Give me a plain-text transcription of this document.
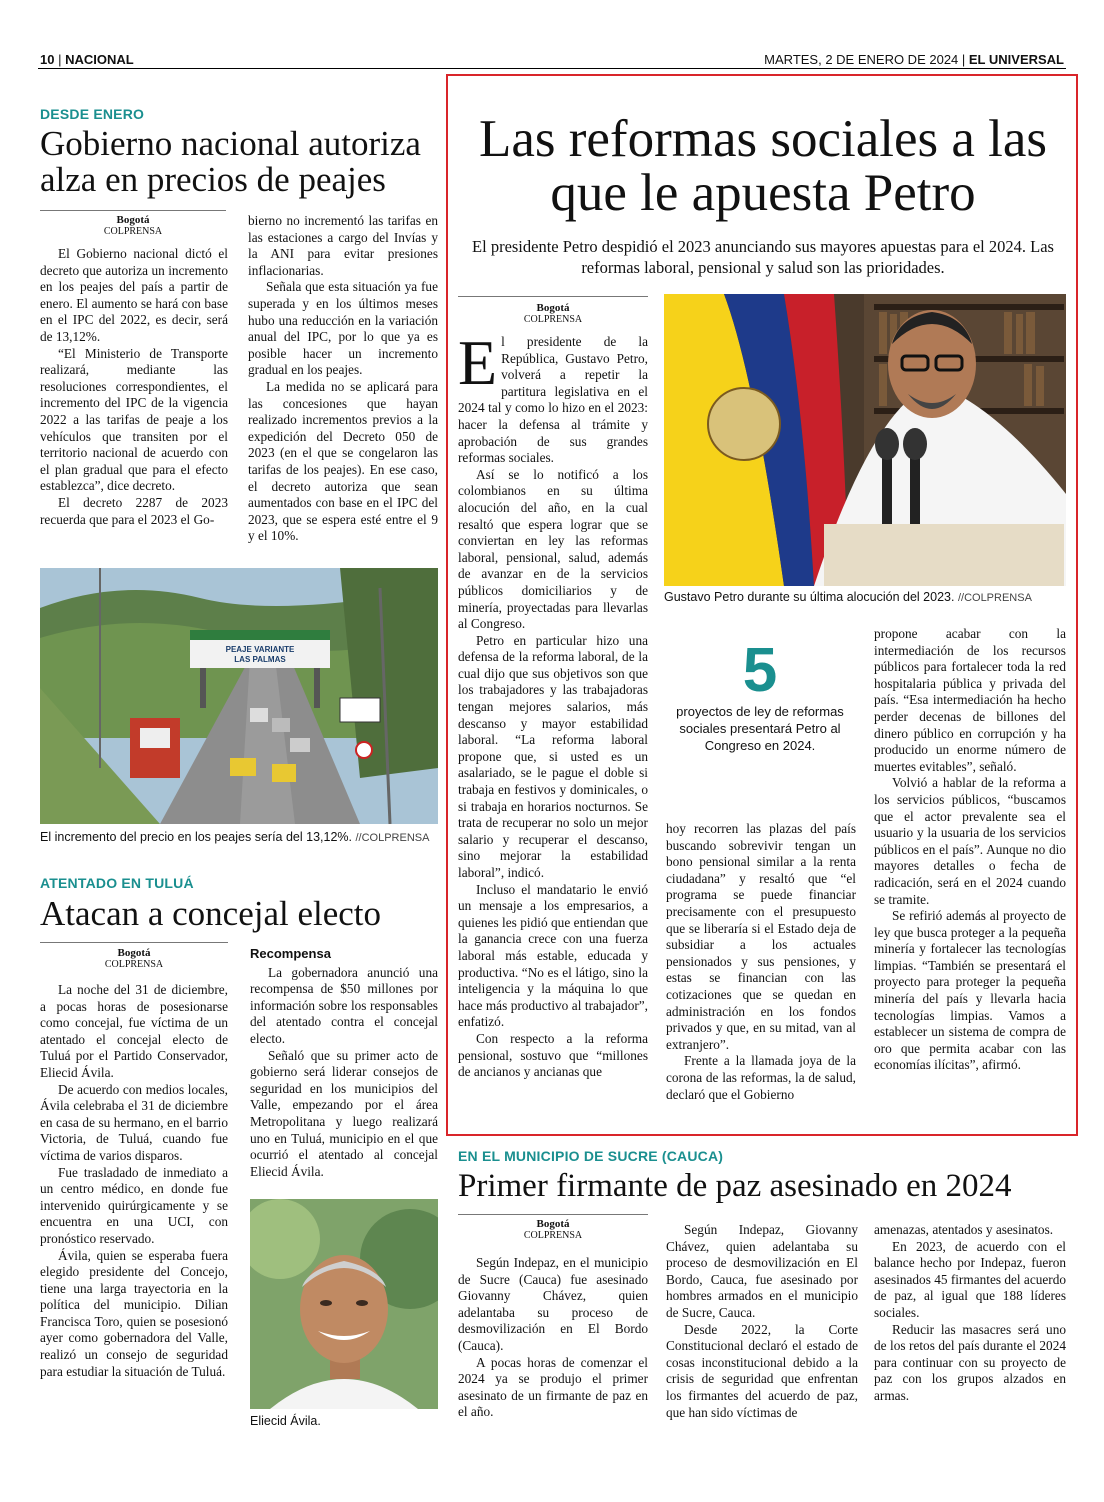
10 | NACIONAL	MARTES, 2 DE ENERO DE 2024 | EL UNIVERSAL
DESDE ENERO
Gobierno nacional autoriza alza en precios de peajes
Bogotá
COLPRENSA

El Gobierno nacional dictó el decreto que autoriza un incremento en los peajes del país a partir de enero. El aumento se hará con base en el IPC del 2022, es decir, será de 13,12%.

“El Ministerio de Transporte realizará, mediante las resoluciones correspondientes, el incremento del IPC de la vigencia 2022 a las tarifas de peaje a los vehículos que transiten por el territorio nacional de acuerdo con el plan gradual que para el efecto establezca”, dice decreto.

El decreto 2287 de 2023 recuerda que para el 2023 el Go-

bierno no incrementó las tarifas en las estaciones a cargo del Invías y la ANI para evitar presiones inflacionarias.

Señala que esta situación ya fue superada y en los últimos meses hubo una reducción en la variación anual del IPC, por lo que ya es posible hacer un incremento gradual en los peajes.

La medida no se aplicará para las concesiones que hayan realizado incrementos previos a la expedición del Decreto 050 de 2023 (en el que se congelaron las tarifas de los peajes). En ese caso, el decreto autoriza que sean aumentados con base en el IPC del 2023, que se espera esté entre el 9 y el 10%.

PEAJE VARIANTE
LAS PALMAS
El incremento del precio en los peajes sería del 13,12%. //COLPRENSA
ATENTADO EN TULUÁ
Atacan a concejal electo
Bogotá
COLPRENSA

La noche del 31 de diciembre, a pocas horas de posesionarse como concejal, fue víctima de un atentado el concejal electo de Tuluá por el Partido Conservador, Eliecid Ávila.

De acuerdo con medios locales, Ávila celebraba el 31 de diciembre en casa de su hermano, en el barrio Victoria, de Tuluá, cuando fue víctima de varios disparos.

Fue trasladado de inmediato a un centro médico, en donde fue intervenido quirúrgicamente y se encuentra en una UCI, con pronóstico reservado.

Ávila, quien se esperaba fuera elegido presidente del Concejo, tiene una larga trayectoria en la política del municipio. Dilian Francisca Toro, quien se posesionó ayer como gobernadora del Valle, realizó un consejo de seguridad para estudiar la situación de Tuluá.

Recompensa

La gobernadora anunció una recompensa de $50 millones por información sobre los responsables del atentado contra el concejal electo.

Señaló que su primer acto de gobierno será liderar consejos de seguridad en los municipios del Valle, empezando por el área Metropolitana y luego realizará uno en Tuluá, municipio en el que ocurrió el atentado al concejal Eliecid Ávila.

Eliecid Ávila.
Las reformas sociales a las que le apuesta Petro
El presidente Petro despidió el 2023 anunciando sus mayores apuestas para el 2024. Las reformas laboral, pensional y salud son las prioridades.
Bogotá
COLPRENSA

El presidente de la República, Gustavo Petro, volverá a repetir la partitura legislativa en el 2024 tal y como lo hizo en el 2023: hacer la defensa al trámite y aprobación de sus grandes reformas sociales.

Así se lo notificó a los colombianos en su última alocución del año, en la cual resaltó que espera lograr que se conviertan en ley las reformas laboral, pensional, salud, además de avanzar en de la servicios públicos domiciliarios y de minería, proyectadas para llevarlas al Congreso.

Petro en particular hizo una defensa de la reforma laboral, de la cual dijo que sus objetivos son que los trabajadores y las trabajadoras tengan mejores salarios, más descanso y mayor estabilidad laboral. “La reforma laboral propone que, si usted es un asalariado, se le pague el doble si trabaja en festivos y dominicales, o si trabaja en horarios nocturnos. Se trata de recuperar no solo un mejor salario y recuperar el descanso, sino mejorar la estabilidad laboral”, indicó.

Incluso el mandatario le envió un mensaje a los empresarios, a quienes les pidió que entiendan que la ganancia crece con una fuerza laboral más estable, educada y productiva. “No es el látigo, sino la inteligencia y la máquina lo que hace más productivo al trabajador”, enfatizó.

Con respecto a la reforma pensional, sostuvo que “millones de ancianos y ancianas que

Gustavo Petro durante su última alocución del 2023. //COLPRENSA
5
proyectos de ley de reformas sociales presentará Petro al Congreso en 2024.

hoy recorren las plazas del país buscando sobrevivir tengan un bono pensional similar a la renta ciudadana” y resaltó que “el programa se puede financiar precisamente con el presupuesto que se liberaría si el Estado deja de subsidiar a los actuales pensionados y sus pensiones, y estas se financian con las cotizaciones que se quedan en administración en los fondos privados y que, en su mitad, van al extranjero”.

Frente a la llamada joya de la corona de las reformas, la de salud, declaró que el Gobierno

propone acabar con la intermediación de los recursos públicos para fortalecer toda la red hospitalaria pública y privada del país. “Esa intermediación ha hecho perder decenas de billones del dinero público en corrupción y ha producido un enorme número de muertes evitables”, señaló.

Volvió a hablar de la reforma a los servicios públicos, “buscamos que el actor prevalente sea el usuario y la usuaria de los servicios públicos en el país”. Aunque no dio mayores detalles o fecha de radicación, será en el 2024 cuando se tramite.

Se refirió además al proyecto de ley que busca proteger a la pequeña minería y fortalecer las tecnologías limpias. “También se presentará el proyecto para proteger la pequeña minería del país y llevarla hacia tecnologías limpias. Vamos a establecer un sistema de compra de oro que permita acabar con las economías ilícitas”, afirmó.

EN EL MUNICIPIO DE SUCRE (CAUCA)
Primer firmante de paz asesinado en 2024
Bogotá
COLPRENSA

Según Indepaz, en el municipio de Sucre (Cauca) fue asesinado Giovanny Chávez, quien adelantaba su proceso de desmovilización en El Bordo (Cauca).

A pocas horas de comenzar el 2024 ya se produjo el primer asesinato de un firmante de paz en el año.

Según Indepaz, Giovanny Chávez, quien adelantaba su proceso de desmovilización en El Bordo, Cauca, fue asesinado por hombres armados en el municipio de Sucre, Cauca.

Desde 2022, la Corte Constitucional declaró el estado de cosas inconstitucional debido a la crisis de seguridad que enfrentan los firmantes del acuerdo de paz, que han sido víctimas de

amenazas, atentados y asesinatos.

En 2023, de acuerdo con el balance hecho por Indepaz, fueron asesinados 45 firmantes del acuerdo de paz, al igual que 188 líderes sociales.

Reducir las masacres será uno de los retos del país durante el 2024 para continuar con su proyecto de paz con los grupos alzados en armas.
